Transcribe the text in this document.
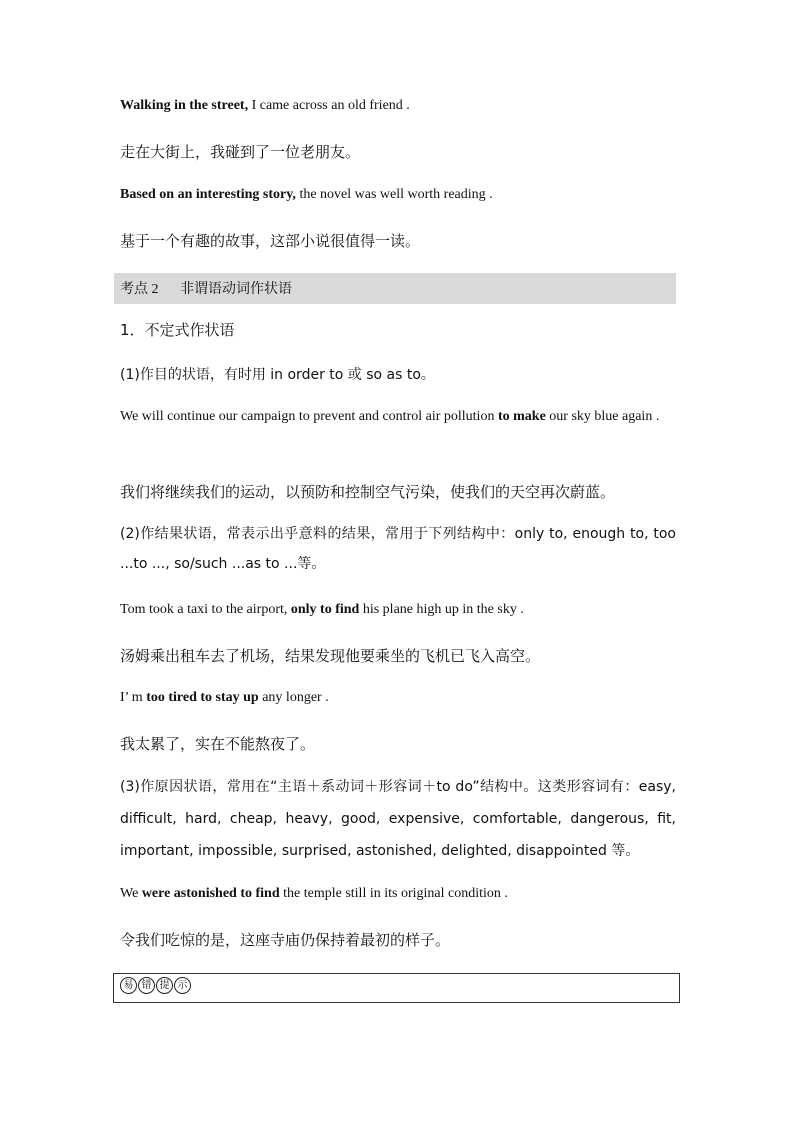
Walking in the street, I came across an old friend .
走在大街上，我碰到了一位老朋友。
Based on an interesting story, the novel was well worth reading .
基于一个有趣的故事，这部小说很值得一读。
考点 2 非谓语动词作状语
1．不定式作状语
(1)作目的状语，有时用 in order to 或 so as to。
We will continue our campaign to prevent and control air pollution to make our sky blue again .
我们将继续我们的运动，以预防和控制空气污染，使我们的天空再次蔚蓝。
(2)作结果状语，常表示出乎意料的结果，常用于下列结构中：only to, enough to, too ...to ..., so/such ...as to ...等。
Tom took a taxi to the airport, only to find his plane high up in the sky .
汤姆乘出租车去了机场，结果发现他要乘坐的飞机已飞入高空。
I’ m too tired to stay up any longer .
我太累了，实在不能熬夜了。
(3)作原因状语，常用在“主语＋系动词＋形容词＋to do”结构中。这类形容词有：easy, difficult, hard, cheap, heavy, good, expensive, comfortable, dangerous, fit, important, impossible, surprised, astonished, delighted, disappointed 等。
We were astonished to find the temple still in its original condition .
令我们吃惊的是，这座寺庙仍保持着最初的样子。
易 错 提 示
